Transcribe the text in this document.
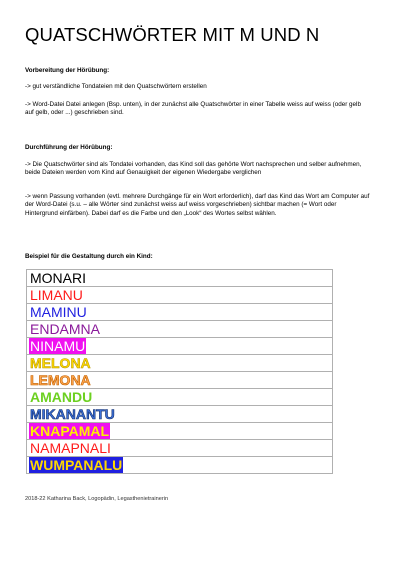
QUATSCHWÖRTER MIT M UND N
Vorbereitung der Hörübung:
-> gut verständliche Tondateien mit den Quatschwörtern erstellen
-> Word-Datei Datei anlegen (Bsp. unten), in der zunächst alle Quatschwörter in einer Tabelle weiss auf weiss (oder gelb auf gelb, oder ...) geschrieben sind.
Durchführung der Hörübung:
-> Die Quatschwörter sind als Tondatei vorhanden, das Kind soll das gehörte Wort nachsprechen und selber aufnehmen, beide Dateien werden vom Kind auf Genauigkeit der eigenen Wiedergabe verglichen
-> wenn Passung vorhanden (evtl. mehrere Durchgänge für ein Wort erforderlich), darf das Kind das Wort am Computer auf der Word-Datei (s.u. – alle Wörter sind zunächst weiss auf weiss vorgeschrieben) sichtbar machen (= Wort oder Hintergrund einfärben). Dabei darf es die Farbe und den „Look“ des Wortes selbst wählen.
Beispiel für die Gestaltung durch ein Kind:
MONARI
LIMANU
MAMINU
ENDAMNA
NINAMU
MELONA
LEMONA
AMANDU
MIKANANTU
KNAPAMAL
NAMAPNALI
WUMPANALU
2018-22 Katharina Back, Logopädin, Legasthenietrainerin
